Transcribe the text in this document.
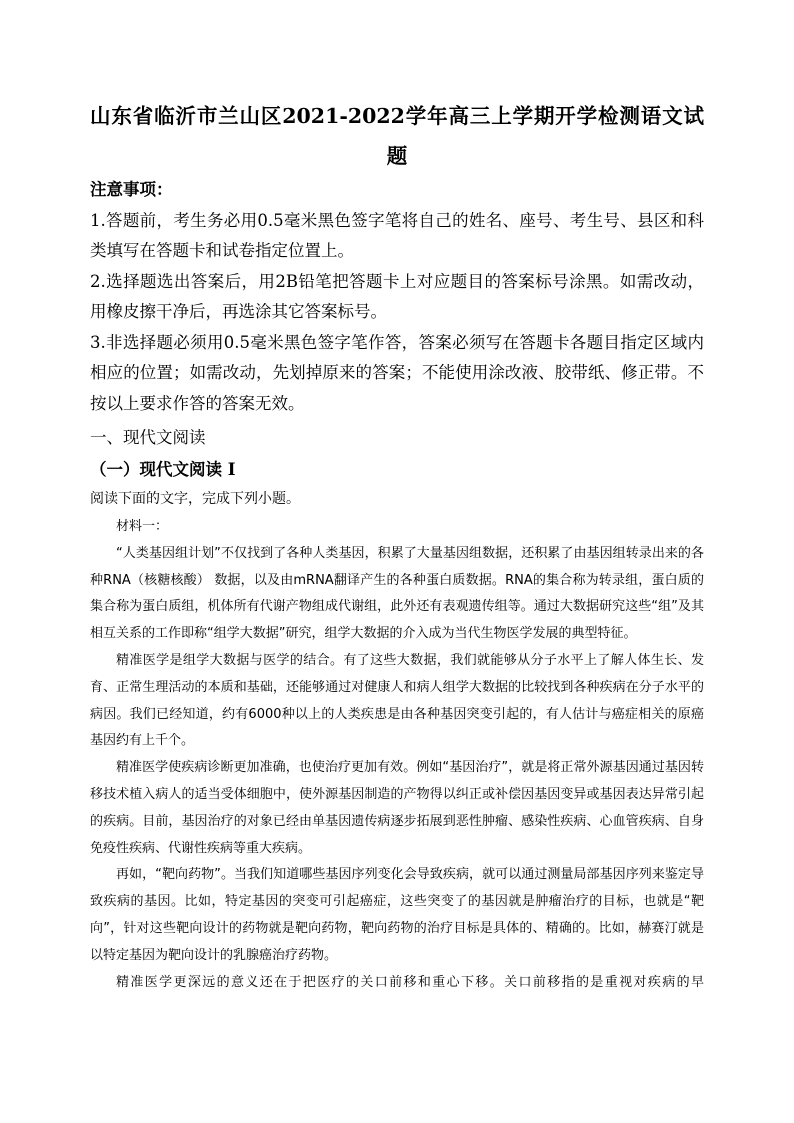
山东省临沂市兰山区2021-2022学年高三上学期开学检测语文试题

注意事项：

1.答题前，考生务必用0.5毫米黑色签字笔将自己的姓名、座号、考生号、县区和科类填写在答题卡和试卷指定位置上。

2.选择题选出答案后，用2B铅笔把答题卡上对应题目的答案标号涂黑。如需改动，用橡皮擦干净后，再选涂其它答案标号。

3.非选择题必须用0.5毫米黑色签字笔作答，答案必须写在答题卡各题目指定区域内相应的位置；如需改动，先划掉原来的答案；不能使用涂改液、胶带纸、修正带。不按以上要求作答的答案无效。

一、现代文阅读
（一）现代文阅读 I
阅读下面的文字，完成下列小题。

材料一：

“人类基因组计划”不仅找到了各种人类基因，积累了大量基因组数据，还积累了由基因组转录出来的各种RNA（核糖核酸） 数据，以及由mRNA翻译产生的各种蛋白质数据。RNA的集合称为转录组，蛋白质的集合称为蛋白质组，机体所有代谢产物组成代谢组，此外还有表观遗传组等。通过大数据研究这些“组”及其相互关系的工作即称“组学大数据”研究，组学大数据的介入成为当代生物医学发展的典型特征。

精准医学是组学大数据与医学的结合。有了这些大数据，我们就能够从分子水平上了解人体生长、发育、正常生理活动的本质和基础，还能够通过对健康人和病人组学大数据的比较找到各种疾病在分子水平的病因。我们已经知道，约有6000种以上的人类疾患是由各种基因突变引起的，有人估计与癌症相关的原癌基因约有上千个。

精准医学使疾病诊断更加准确，也使治疗更加有效。例如“基因治疗”，就是将正常外源基因通过基因转移技术植入病人的适当受体细胞中，使外源基因制造的产物得以纠正或补偿因基因变异或基因表达异常引起的疾病。目前，基因治疗的对象已经由单基因遗传病逐步拓展到恶性肿瘤、感染性疾病、心血管疾病、自身免疫性疾病、代谢性疾病等重大疾病。

再如，“靶向药物”。当我们知道哪些基因序列变化会导致疾病，就可以通过测量局部基因序列来鉴定导致疾病的基因。比如，特定基因的突变可引起癌症，这些突变了的基因就是肿瘤治疗的目标，也就是“靶向”，针对这些靶向设计的药物就是靶向药物，靶向药物的治疗目标是具体的、精确的。比如，赫赛汀就是以特定基因为靶向设计的乳腺癌治疗药物。

精准医学更深远的意义还在于把医疗的关口前移和重心下移。关口前移指的是重视对疾病的早
